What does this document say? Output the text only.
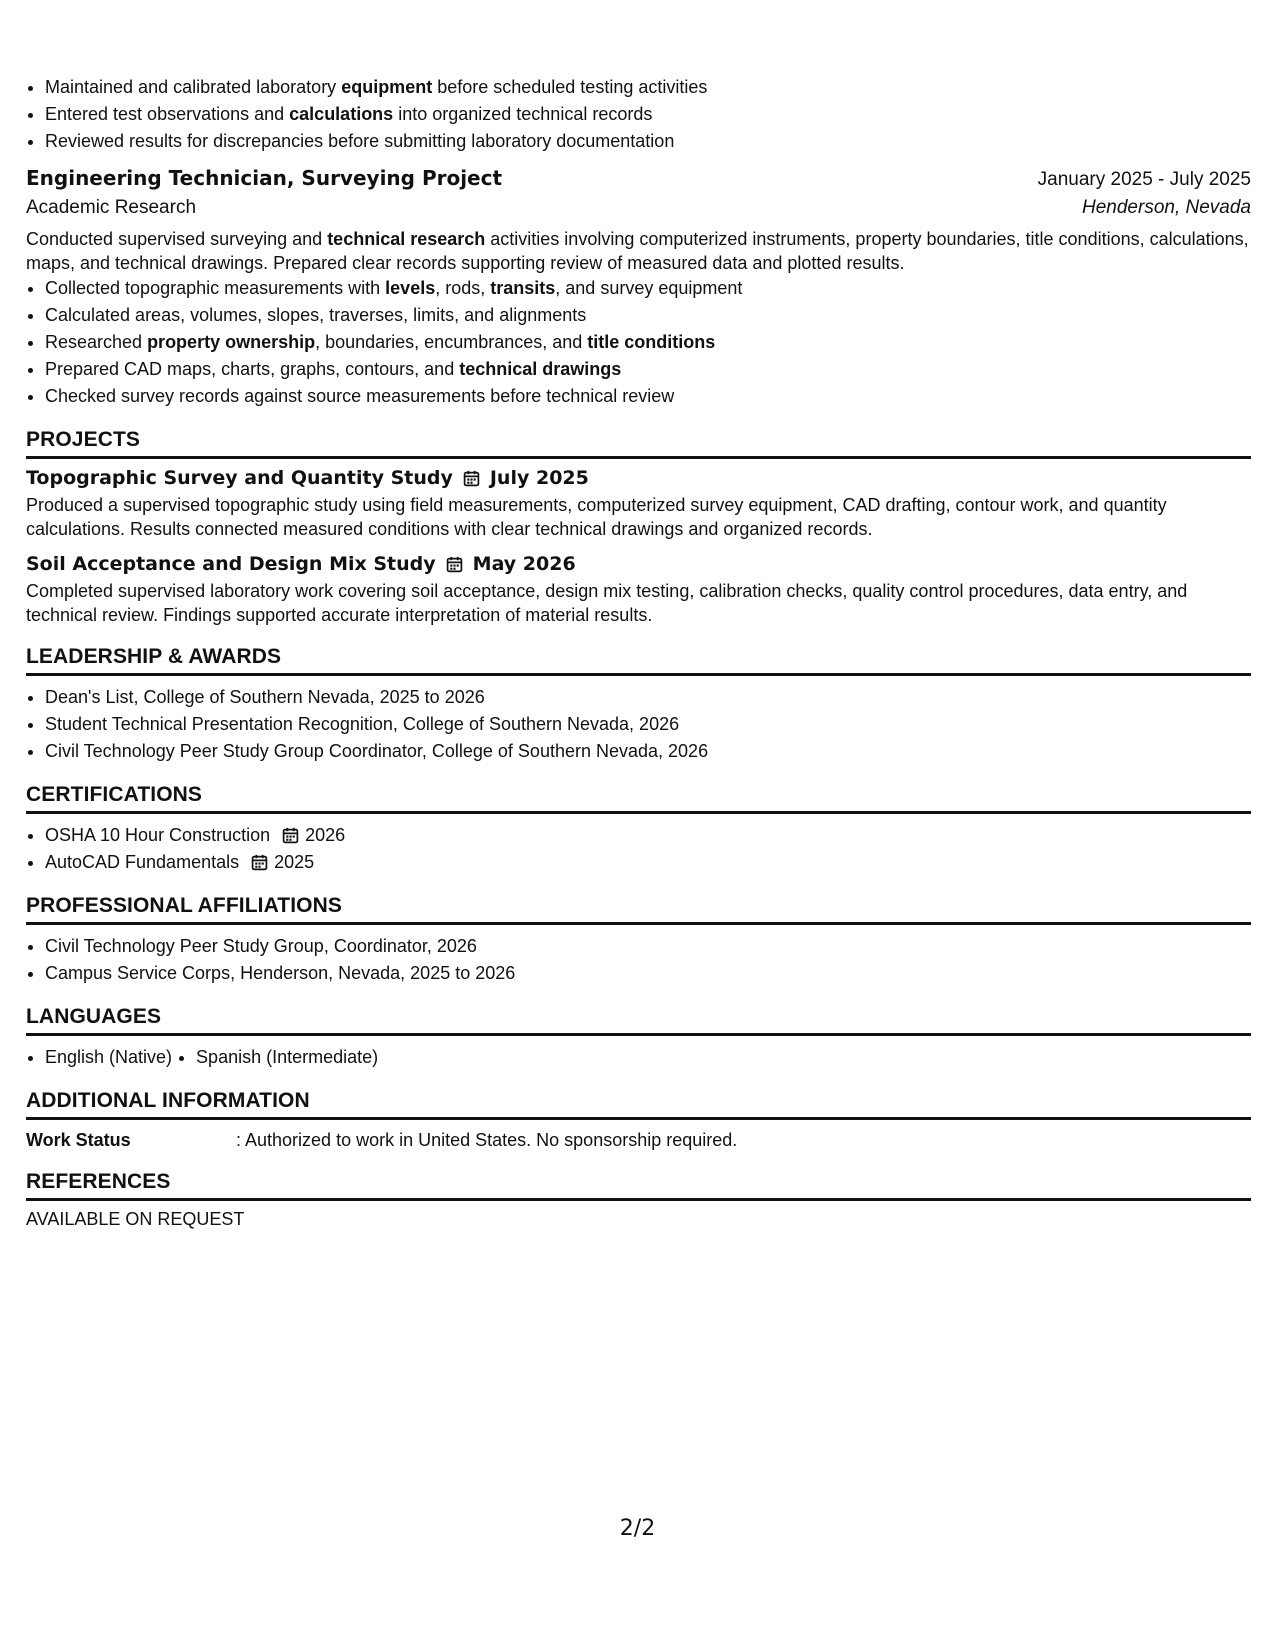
• Maintained and calibrated laboratory equipment before scheduled testing activities
• Entered test observations and calculations into organized technical records
• Reviewed results for discrepancies before submitting laboratory documentation
Engineering Technician, Surveying Project	January 2025 - July 2025
Academic Research	Henderson, Nevada
Conducted supervised surveying and technical research activities involving computerized instruments, property boundaries, title conditions, calculations, maps, and technical drawings. Prepared clear records supporting review of measured data and plotted results.
• Collected topographic measurements with levels, rods, transits, and survey equipment
• Calculated areas, volumes, slopes, traverses, limits, and alignments
• Researched property ownership, boundaries, encumbrances, and title conditions
• Prepared CAD maps, charts, graphs, contours, and technical drawings
• Checked survey records against source measurements before technical review
PROJECTS
Topographic Survey and Quantity Study July 2025
Produced a supervised topographic study using field measurements, computerized survey equipment, CAD drafting, contour work, and quantity calculations. Results connected measured conditions with clear technical drawings and organized records.
Soil Acceptance and Design Mix Study May 2026
Completed supervised laboratory work covering soil acceptance, design mix testing, calibration checks, quality control procedures, data entry, and technical review. Findings supported accurate interpretation of material results.
LEADERSHIP & AWARDS
• Dean's List, College of Southern Nevada, 2025 to 2026
• Student Technical Presentation Recognition, College of Southern Nevada, 2026
• Civil Technology Peer Study Group Coordinator, College of Southern Nevada, 2026
CERTIFICATIONS
• OSHA 10 Hour Construction 2026
• AutoCAD Fundamentals 2025
PROFESSIONAL AFFILIATIONS
• Civil Technology Peer Study Group, Coordinator, 2026
• Campus Service Corps, Henderson, Nevada, 2025 to 2026
LANGUAGES
• English (Native)
• Spanish (Intermediate)
ADDITIONAL INFORMATION
Work Status	: Authorized to work in United States. No sponsorship required.
REFERENCES
AVAILABLE ON REQUEST
2/2
